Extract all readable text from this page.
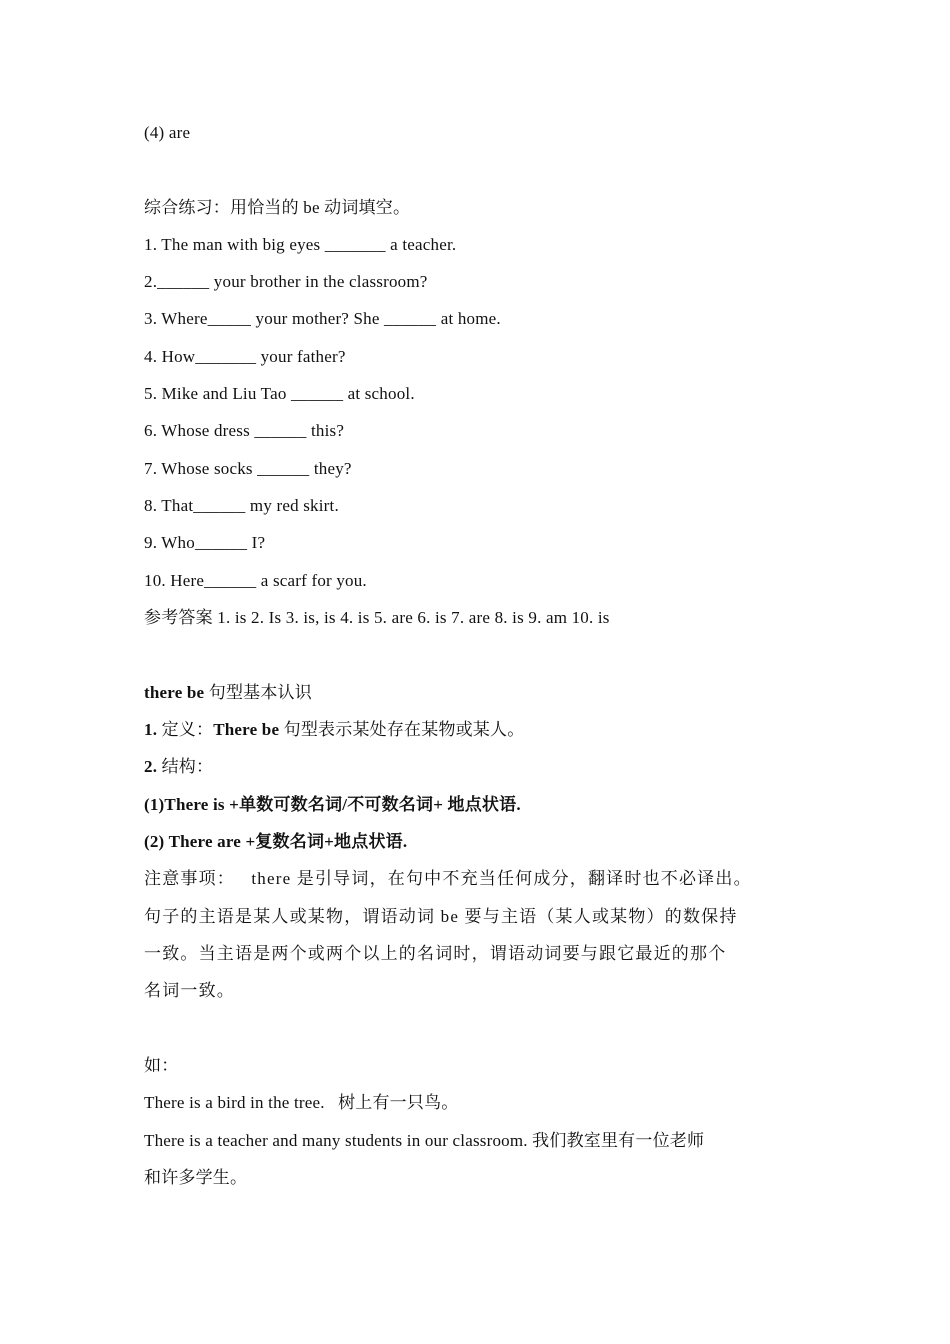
(4) are
综合练习：用恰当的 be 动词填空。
1. The man with big eyes _______ a teacher.
2.______ your brother in the classroom?
3. Where_____ your mother? She ______ at home.
4. How_______ your father?
5. Mike and Liu Tao ______ at school.
6. Whose dress ______ this?
7. Whose socks ______ they?
8. That______ my red skirt.
9. Who______ I?
10. Here______ a scarf for you.
参考答案 1. is 2. Is 3. is, is 4. is 5. are 6. is 7. are 8. is 9. am 10. is
there be 句型基本认识
1. 定义：There be 句型表示某处存在某物或某人。
2. 结构：
(1)There is +单数可数名词/不可数名词+ 地点状语.
(2) There are +复数名词+地点状语.
注意事项：   there 是引导词，在句中不充当任何成分，翻译时也不必译出。
句子的主语是某人或某物，谓语动词 be 要与主语（某人或某物）的数保持
一致。当主语是两个或两个以上的名词时，谓语动词要与跟它最近的那个
名词一致。
如：
There is a bird in the tree.   树上有一只鸟。
There is a teacher and many students in our classroom. 我们教室里有一位老师
和许多学生。
